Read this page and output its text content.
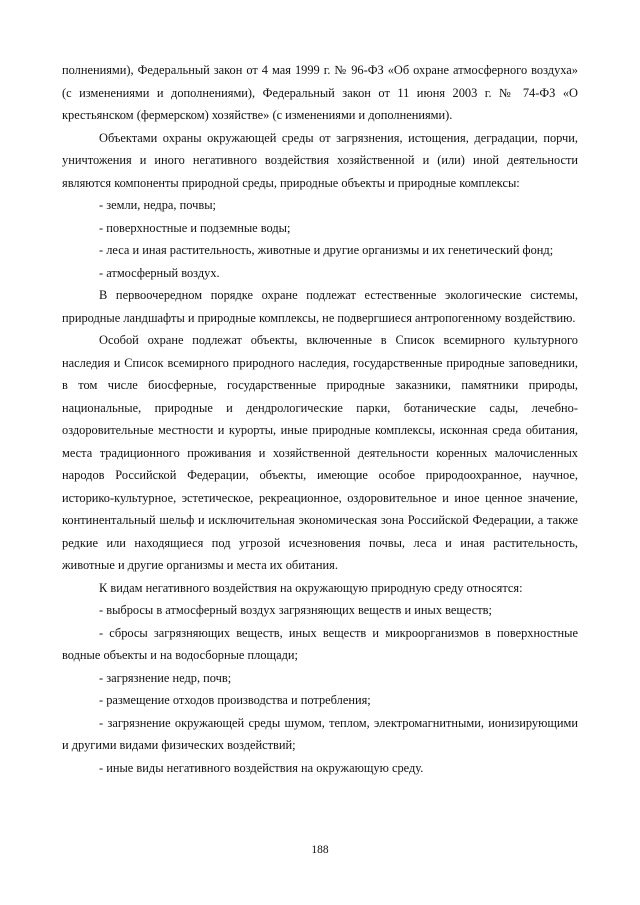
полнениями), Федеральный закон от 4 мая 1999 г. № 96-ФЗ «Об охране атмосферного воздуха» (с изменениями и дополнениями), Федеральный закон от 11 июня 2003 г. № 74-ФЗ «О крестьянском (фермерском) хозяйстве» (с изменениями и дополнениями).

Объектами охраны окружающей среды от загрязнения, истощения, деградации, порчи, уничтожения и иного негативного воздействия хозяйственной и (или) иной деятельности являются компоненты природной среды, природные объекты и природные комплексы:

- земли, недра, почвы;

- поверхностные и подземные воды;

- леса и иная растительность, животные и другие организмы и их генетический фонд;

- атмосферный воздух.

В первоочередном порядке охране подлежат естественные экологические системы, природные ландшафты и природные комплексы, не подвергшиеся антропогенному воздействию.

Особой охране подлежат объекты, включенные в Список всемирного культурного наследия и Список всемирного природного наследия, государственные природные заповедники, в том числе биосферные, государственные природные заказники, памятники природы, национальные, природные и дендрологические парки, ботанические сады, лечебно-оздоровительные местности и курорты, иные природные комплексы, исконная среда обитания, места традиционного проживания и хозяйственной деятельности коренных малочисленных народов Российской Федерации, объекты, имеющие особое природоохранное, научное, историко-культурное, эстетическое, рекреационное, оздоровительное и иное ценное значение, континентальный шельф и исключительная экономическая зона Российской Федерации, а также редкие или находящиеся под угрозой исчезновения почвы, леса и иная растительность, животные и другие организмы и места их обитания.

К видам негативного воздействия на окружающую природную среду относятся:

- выбросы в атмосферный воздух загрязняющих веществ и иных веществ;

- сбросы загрязняющих веществ, иных веществ и микроорганизмов в поверхностные водные объекты и на водосборные площади;

- загрязнение недр, почв;

- размещение отходов производства и потребления;

- загрязнение окружающей среды шумом, теплом, электромагнитными, ионизирующими и другими видами физических воздействий;

- иные виды негативного воздействия на окружающую среду.

188
